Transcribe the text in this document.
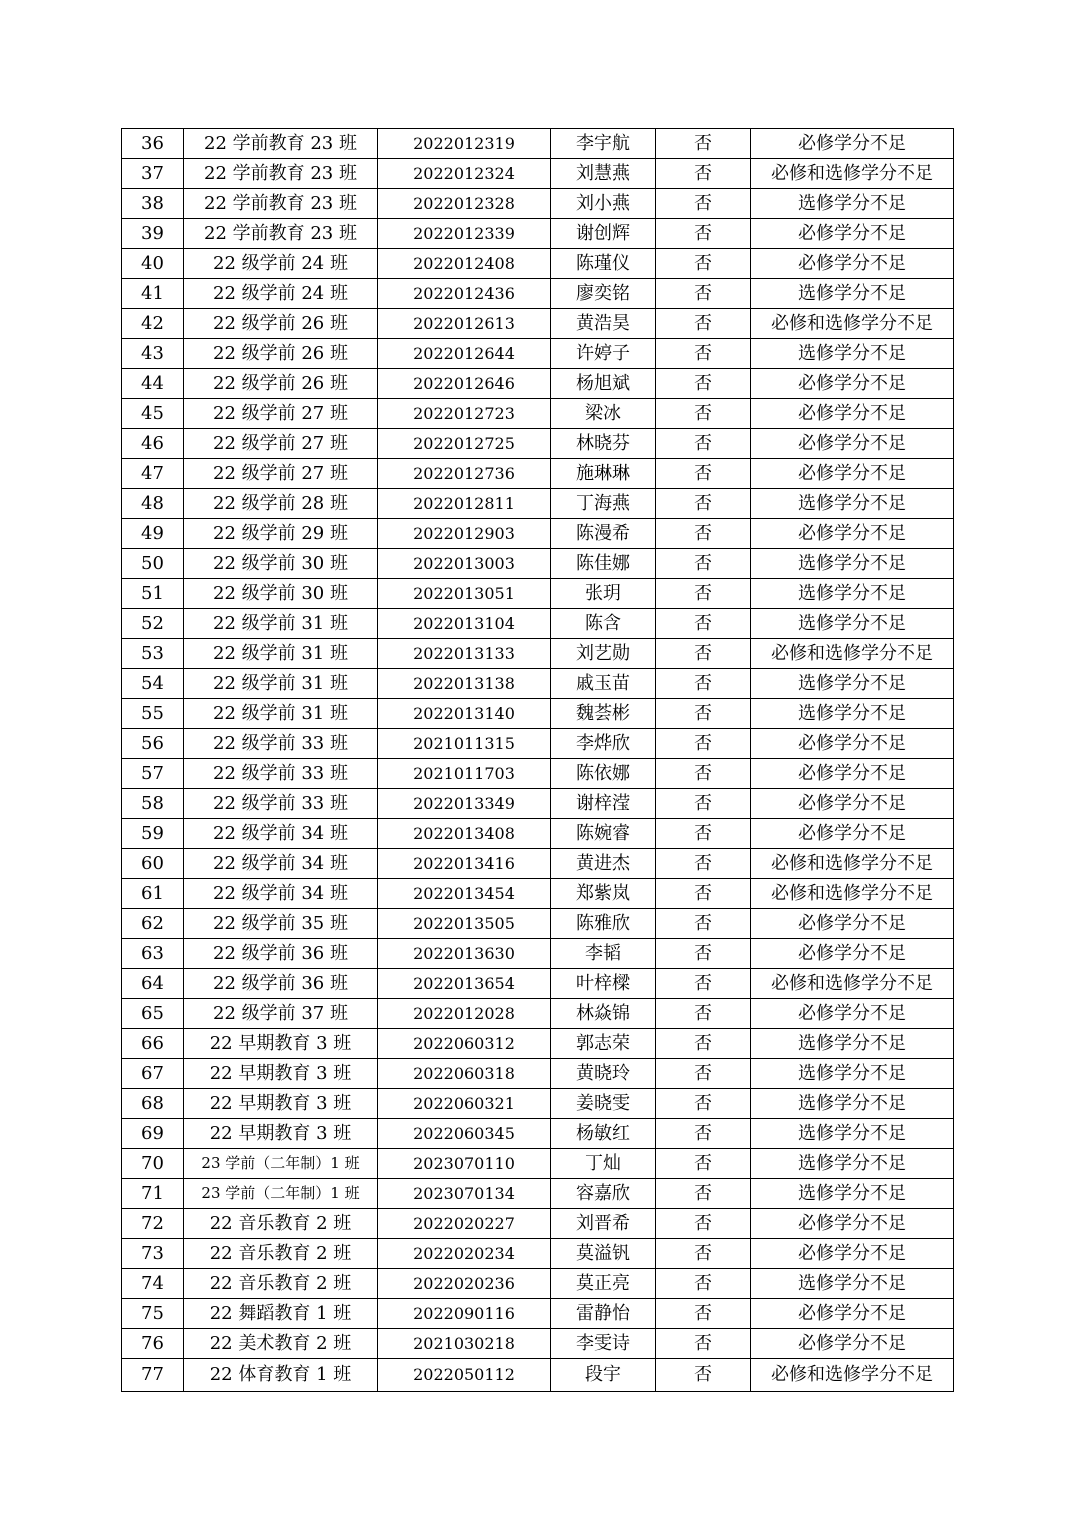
36	22 学前教育 23 班	2022012319	李宇航	否	必修学分不足
37	22 学前教育 23 班	2022012324	刘慧燕	否	必修和选修学分不足
38	22 学前教育 23 班	2022012328	刘小燕	否	选修学分不足
39	22 学前教育 23 班	2022012339	谢创辉	否	必修学分不足
40	22 级学前 24 班	2022012408	陈瑾仪	否	必修学分不足
41	22 级学前 24 班	2022012436	廖奕铭	否	选修学分不足
42	22 级学前 26 班	2022012613	黄浩昊	否	必修和选修学分不足
43	22 级学前 26 班	2022012644	许婷子	否	选修学分不足
44	22 级学前 26 班	2022012646	杨旭斌	否	必修学分不足
45	22 级学前 27 班	2022012723	梁冰	否	必修学分不足
46	22 级学前 27 班	2022012725	林晓芬	否	必修学分不足
47	22 级学前 27 班	2022012736	施琳琳	否	必修学分不足
48	22 级学前 28 班	2022012811	丁海燕	否	选修学分不足
49	22 级学前 29 班	2022012903	陈漫希	否	必修学分不足
50	22 级学前 30 班	2022013003	陈佳娜	否	选修学分不足
51	22 级学前 30 班	2022013051	张玥	否	选修学分不足
52	22 级学前 31 班	2022013104	陈含	否	选修学分不足
53	22 级学前 31 班	2022013133	刘艺勋	否	必修和选修学分不足
54	22 级学前 31 班	2022013138	戚玉苗	否	选修学分不足
55	22 级学前 31 班	2022013140	魏荟彬	否	选修学分不足
56	22 级学前 33 班	2021011315	李烨欣	否	必修学分不足
57	22 级学前 33 班	2021011703	陈依娜	否	必修学分不足
58	22 级学前 33 班	2022013349	谢梓滢	否	必修学分不足
59	22 级学前 34 班	2022013408	陈婉睿	否	必修学分不足
60	22 级学前 34 班	2022013416	黄进杰	否	必修和选修学分不足
61	22 级学前 34 班	2022013454	郑紫岚	否	必修和选修学分不足
62	22 级学前 35 班	2022013505	陈雅欣	否	必修学分不足
63	22 级学前 36 班	2022013630	李韬	否	必修学分不足
64	22 级学前 36 班	2022013654	叶梓樑	否	必修和选修学分不足
65	22 级学前 37 班	2022012028	林焱锦	否	必修学分不足
66	22 早期教育 3 班	2022060312	郭志荣	否	选修学分不足
67	22 早期教育 3 班	2022060318	黄晓玲	否	选修学分不足
68	22 早期教育 3 班	2022060321	姜晓雯	否	选修学分不足
69	22 早期教育 3 班	2022060345	杨敏红	否	选修学分不足
70	23 学前（二年制）1 班	2023070110	丁灿	否	选修学分不足
71	23 学前（二年制）1 班	2023070134	容嘉欣	否	选修学分不足
72	22 音乐教育 2 班	2022020227	刘晋希	否	必修学分不足
73	22 音乐教育 2 班	2022020234	莫溢钒	否	必修学分不足
74	22 音乐教育 2 班	2022020236	莫正亮	否	选修学分不足
75	22 舞蹈教育 1 班	2022090116	雷静怡	否	必修学分不足
76	22 美术教育 2 班	2021030218	李雯诗	否	必修学分不足
77	22 体育教育 1 班	2022050112	段宇	否	必修和选修学分不足
